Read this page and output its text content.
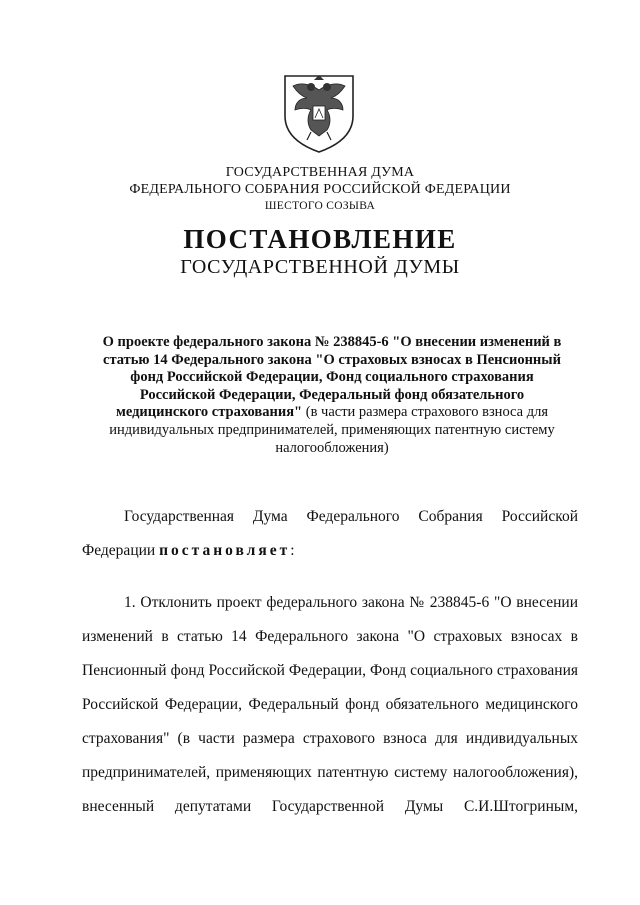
ГОСУДАРСТВЕННАЯ ДУМА
ФЕДЕРАЛЬНОГО СОБРАНИЯ РОССИЙСКОЙ ФЕДЕРАЦИИ
ШЕСТОГО СОЗЫВА
ПОСТАНОВЛЕНИЕ
ГОСУДАРСТВЕННОЙ ДУМЫ
О проекте федерального закона № 238845-6 "О внесении изменений в
статью 14 Федерального закона "О страховых взносах в Пенсионный
фонд Российской Федерации, Фонд социального страхования
Российской Федерации, Федеральный фонд обязательного
медицинского страхования" (в части размера страхового взноса для
индивидуальных предпринимателей, применяющих патентную систему
налогообложения)
Государственная Дума Федерального Собрания Российской
Федерации постановляет:
1. Отклонить проект федерального закона № 238845-6 "О внесении
изменений в статью 14 Федерального закона "О страховых взносах в
Пенсионный фонд Российской Федерации, Фонд социального страхования
Российской Федерации, Федеральный фонд обязательного медицинского
страхования" (в части размера страхового взноса для индивидуальных
предпринимателей, применяющих патентную систему налогообложения),
внесенный депутатами Государственной Думы С.И.Штогриным,
